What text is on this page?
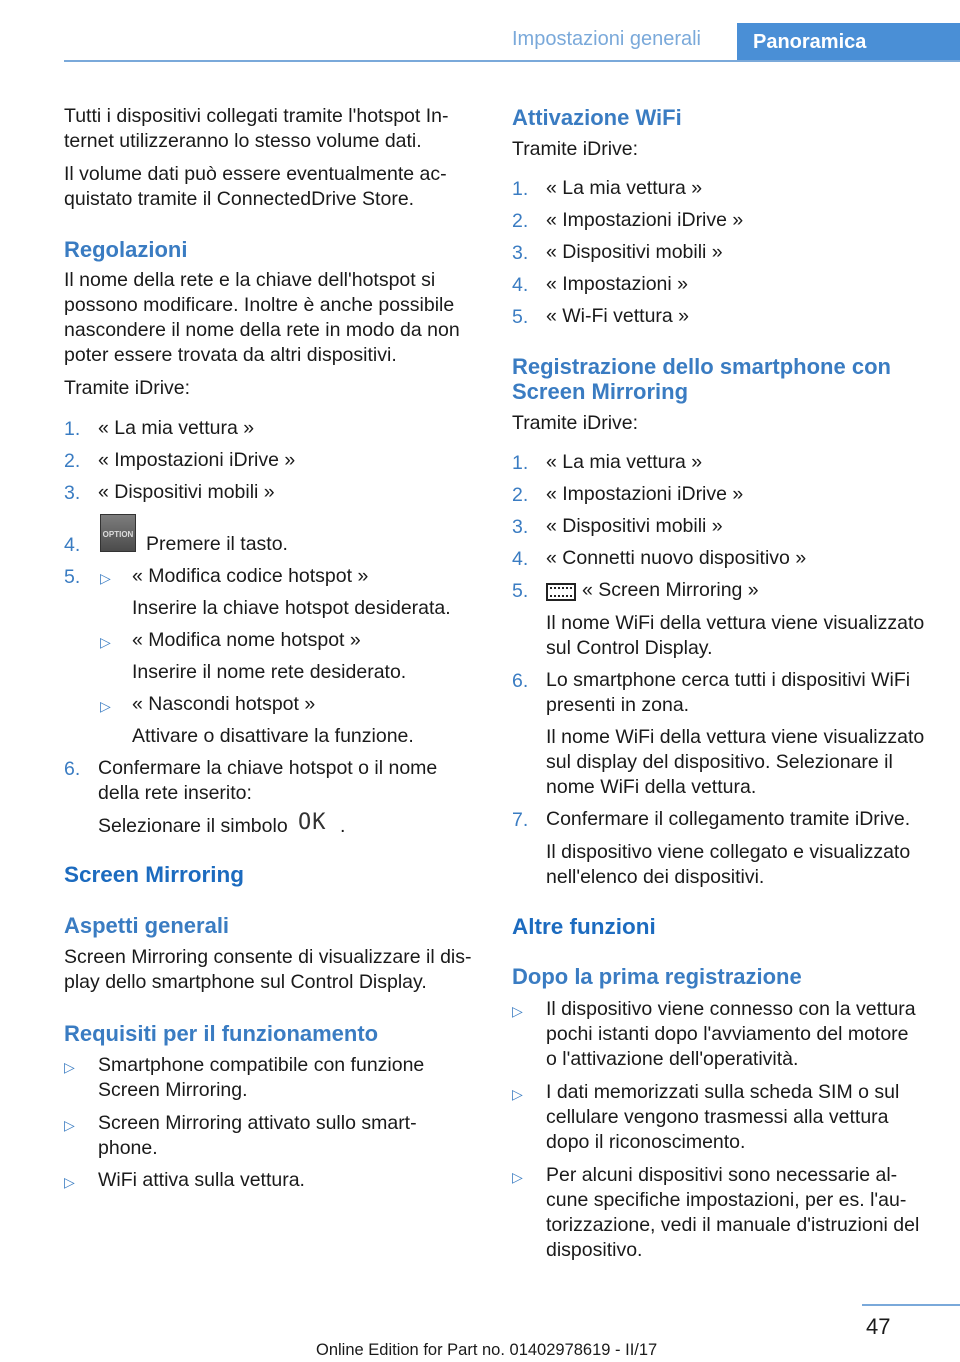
Impostazioni generali	Panoramica

Tutti i dispositivi collegati tramite l'hotspot In-

ternet utilizzeranno lo stesso volume dati.

Il volume dati può essere eventualmente ac-

quistato tramite il ConnectedDrive Store.

Regolazioni

Il nome della rete e la chiave dell'hotspot si

possono modificare. Inoltre è anche possibile

nascondere il nome della rete in modo da non

poter essere trovata da altri dispositivi.

Tramite iDrive:

1. « La mia vettura »

2. « Impostazioni iDrive »

3. « Dispositivi mobili »

4.	OPTION Premere il tasto.

5. ▷ « Modifica codice hotspot »

Inserire la chiave hotspot desiderata.

▷ « Modifica nome hotspot »

Inserire il nome rete desiderato.

▷ « Nascondi hotspot »

Attivare o disattivare la funzione.

6. Confermare la chiave hotspot o il nome

della rete inserito:

Selezionare il simbolo OK .

Screen Mirroring
Aspetti generali

Screen Mirroring consente di visualizzare il dis-

play dello smartphone sul Control Display.

Requisiti per il funzionamento
▷ Smartphone compatibile con funzione

Screen Mirroring.

▷ Screen Mirroring attivato sullo smart-

phone.

▷ WiFi attiva sulla vettura.

Attivazione WiFi

Tramite iDrive:

1. « La mia vettura »

2. « Impostazioni iDrive »

3. « Dispositivi mobili »

4. « Impostazioni »

5. « Wi-Fi vettura »

Registrazione dello smartphone con
Screen Mirroring

Tramite iDrive:

1. « La mia vettura »

2. « Impostazioni iDrive »

3. « Dispositivi mobili »

4. « Connetti nuovo dispositivo »

5.	« Screen Mirroring »

Il nome WiFi della vettura viene visualizzato

sul Control Display.

6. Lo smartphone cerca tutti i dispositivi WiFi

presenti in zona.

Il nome WiFi della vettura viene visualizzato

sul display del dispositivo. Selezionare il

nome WiFi della vettura.

7. Confermare il collegamento tramite iDrive.

Il dispositivo viene collegato e visualizzato

nell'elenco dei dispositivi.

Altre funzioni
Dopo la prima registrazione
▷ Il dispositivo viene connesso con la vettura

pochi istanti dopo l'avviamento del motore

o l'attivazione dell'operatività.

▷ I dati memorizzati sulla scheda SIM o sul

cellulare vengono trasmessi alla vettura

dopo il riconoscimento.

▷ Per alcuni dispositivi sono necessarie al-

cune specifiche impostazioni, per es. l'au-

torizzazione, vedi il manuale d'istruzioni del

dispositivo.

47
Online Edition for Part no. 01402978619 - II/17
